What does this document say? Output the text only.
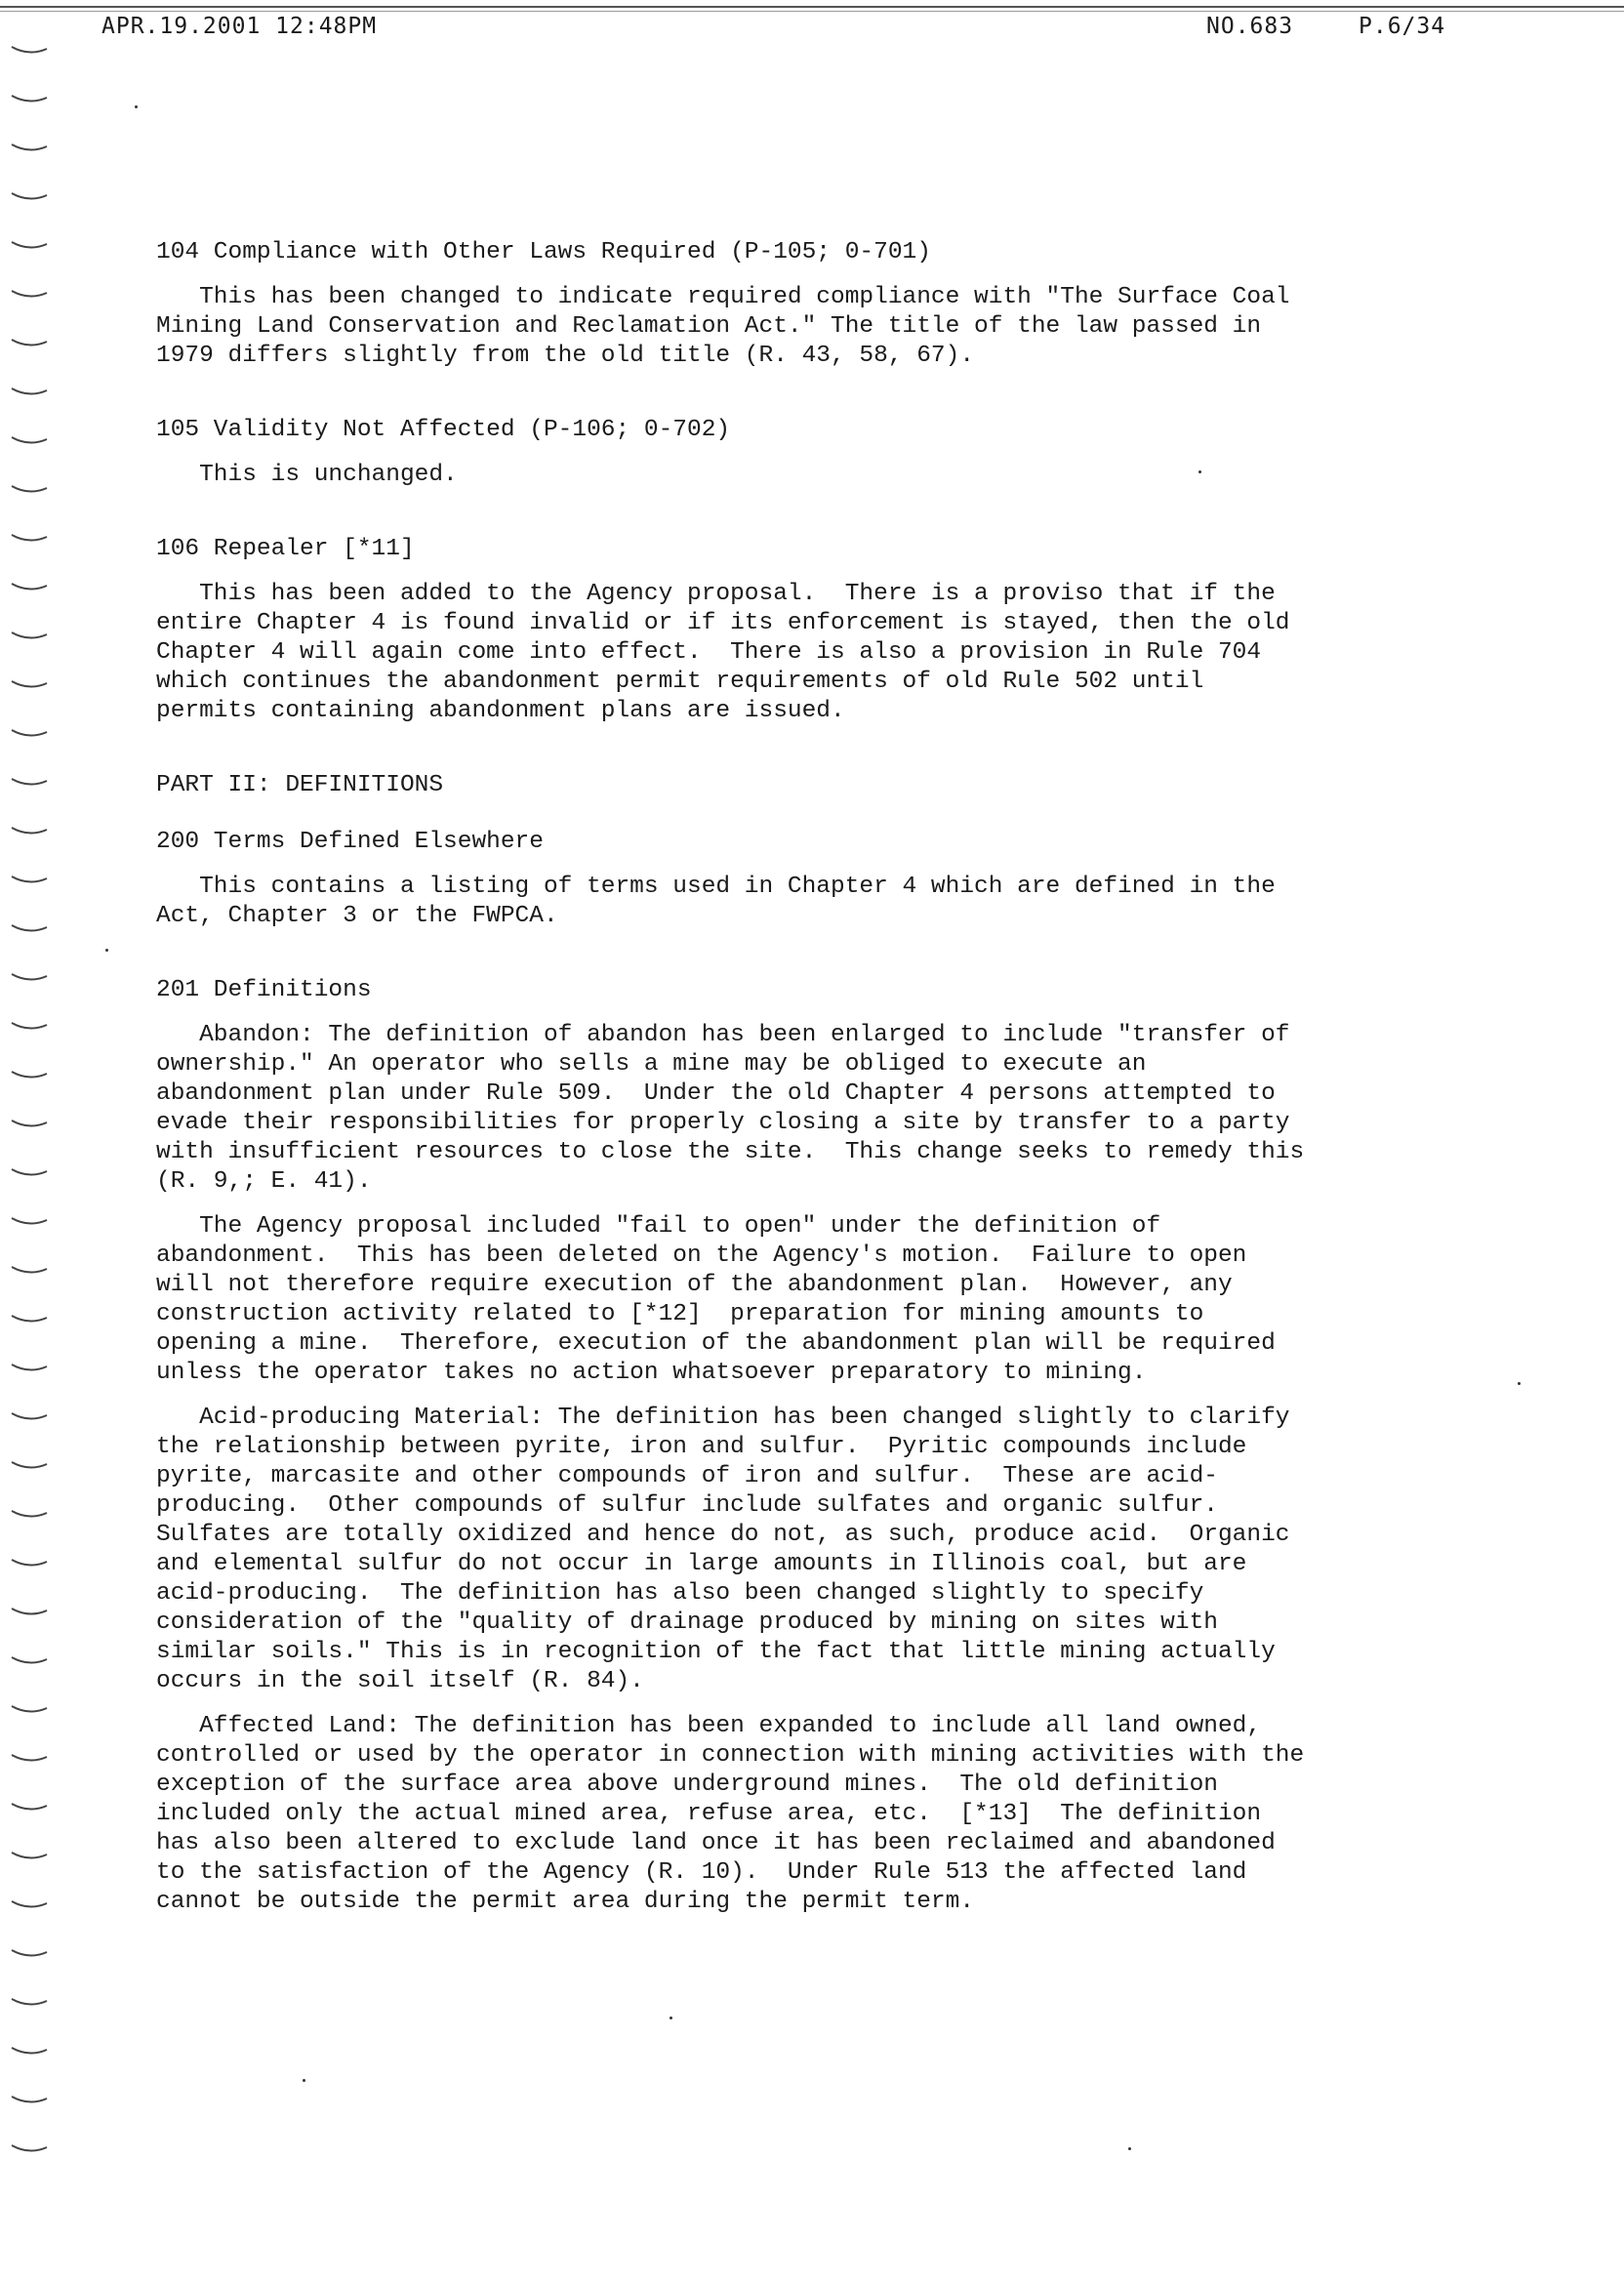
APR.19.2001 12:48PM	NO.683	P.6/34
104 Compliance with Other Laws Required (P-105; 0-701)
This has been changed to indicate required compliance with "The Surface Coal
Mining Land Conservation and Reclamation Act." The title of the law passed in
1979 differs slightly from the old title (R. 43, 58, 67).
105 Validity Not Affected (P-106; 0-702)
This is unchanged.
106 Repealer [*11]
This has been added to the Agency proposal.  There is a proviso that if the
entire Chapter 4 is found invalid or if its enforcement is stayed, then the old
Chapter 4 will again come into effect.  There is also a provision in Rule 704
which continues the abandonment permit requirements of old Rule 502 until
permits containing abandonment plans are issued.
PART II: DEFINITIONS
200 Terms Defined Elsewhere
This contains a listing of terms used in Chapter 4 which are defined in the
Act, Chapter 3 or the FWPCA.
201 Definitions
Abandon: The definition of abandon has been enlarged to include "transfer of
ownership." An operator who sells a mine may be obliged to execute an
abandonment plan under Rule 509.  Under the old Chapter 4 persons attempted to
evade their responsibilities for properly closing a site by transfer to a party
with insufficient resources to close the site.  This change seeks to remedy this
(R. 9,; E. 41).
The Agency proposal included "fail to open" under the definition of
abandonment.  This has been deleted on the Agency's motion.  Failure to open
will not therefore require execution of the abandonment plan.  However, any
construction activity related to [*12]  preparation for mining amounts to
opening a mine.  Therefore, execution of the abandonment plan will be required
unless the operator takes no action whatsoever preparatory to mining.
Acid-producing Material: The definition has been changed slightly to clarify
the relationship between pyrite, iron and sulfur.  Pyritic compounds include
pyrite, marcasite and other compounds of iron and sulfur.  These are acid-
producing.  Other compounds of sulfur include sulfates and organic sulfur.
Sulfates are totally oxidized and hence do not, as such, produce acid.  Organic
and elemental sulfur do not occur in large amounts in Illinois coal, but are
acid-producing.  The definition has also been changed slightly to specify
consideration of the "quality of drainage produced by mining on sites with
similar soils." This is in recognition of the fact that little mining actually
occurs in the soil itself (R. 84).
Affected Land: The definition has been expanded to include all land owned,
controlled or used by the operator in connection with mining activities with the
exception of the surface area above underground mines.  The old definition
included only the actual mined area, refuse area, etc.  [*13]  The definition
has also been altered to exclude land once it has been reclaimed and abandoned
to the satisfaction of the Agency (R. 10).  Under Rule 513 the affected land
cannot be outside the permit area during the permit term.
